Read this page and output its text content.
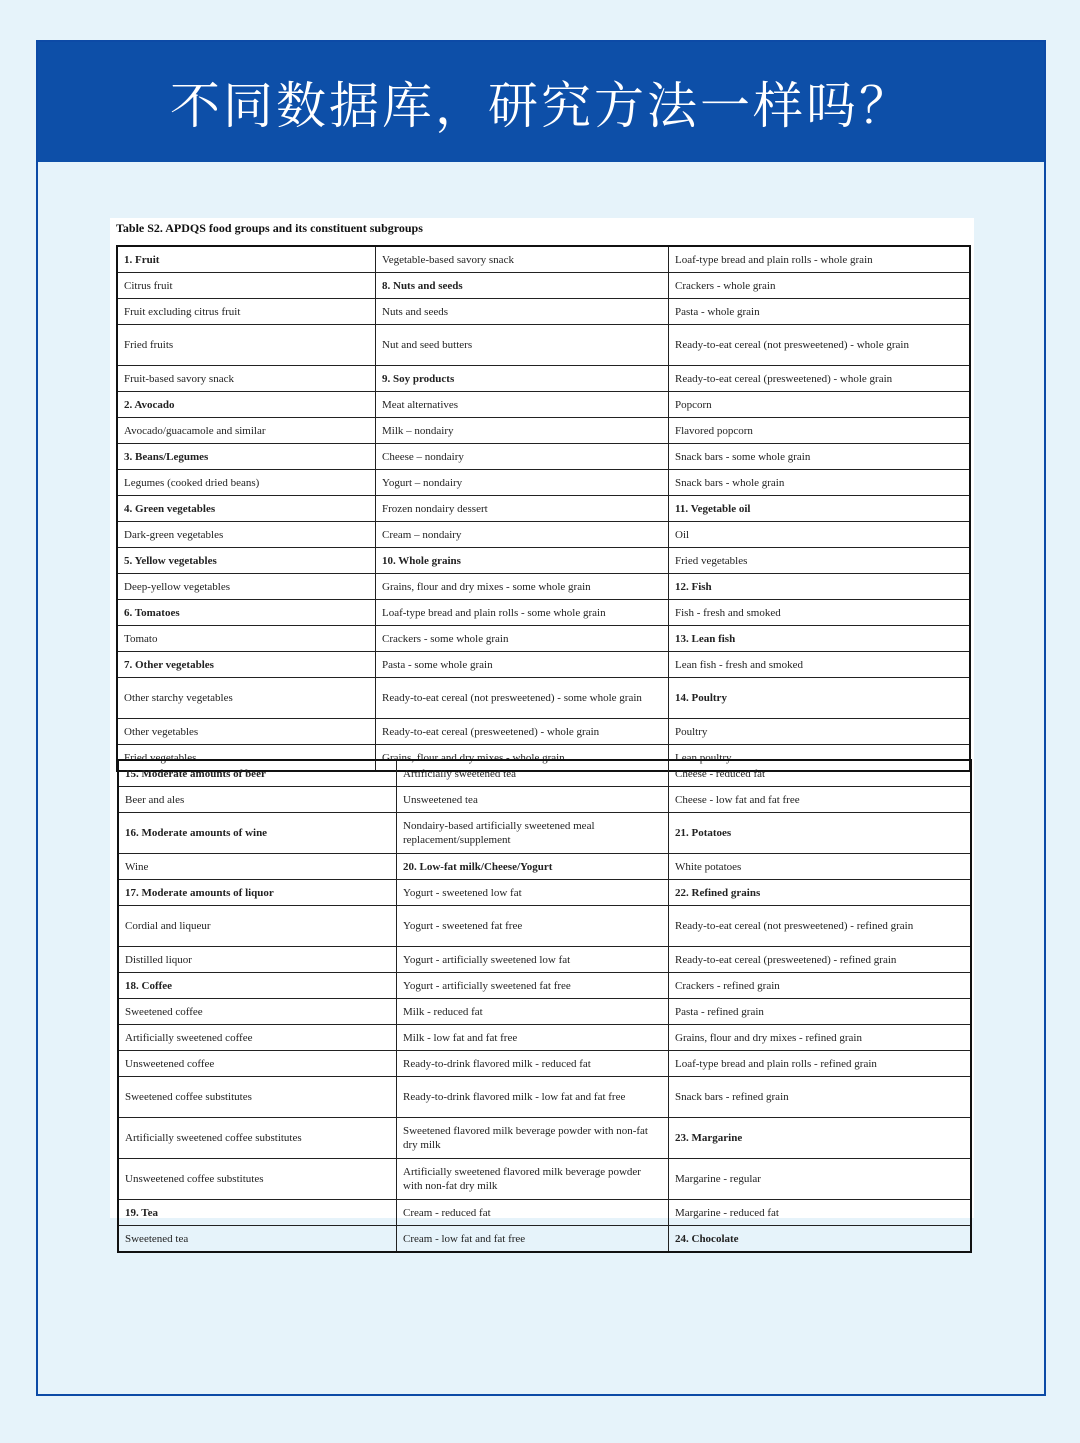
不同数据库，研究方法一样吗？
Table S2. APDQS food groups and its constituent subgroups
1. Fruit	Vegetable-based savory snack	Loaf-type bread and plain rolls - whole grain
Citrus fruit	8. Nuts and seeds	Crackers - whole grain
Fruit excluding citrus fruit	Nuts and seeds	Pasta - whole grain
Fried fruits	Nut and seed butters	Ready-to-eat cereal (not presweetened) - whole grain
Fruit-based savory snack	9. Soy products	Ready-to-eat cereal (presweetened) - whole grain
2. Avocado	Meat alternatives	Popcorn
Avocado/guacamole and similar	Milk – nondairy	Flavored popcorn
3. Beans/Legumes	Cheese – nondairy	Snack bars - some whole grain
Legumes (cooked dried beans)	Yogurt – nondairy	Snack bars - whole grain
4. Green vegetables	Frozen nondairy dessert	11. Vegetable oil
Dark-green vegetables	Cream – nondairy	Oil
5. Yellow vegetables	10. Whole grains	Fried vegetables
Deep-yellow vegetables	Grains, flour and dry mixes - some whole grain	12. Fish
6. Tomatoes	Loaf-type bread and plain rolls - some whole grain	Fish - fresh and smoked
Tomato	Crackers - some whole grain	13. Lean fish
7. Other vegetables	Pasta - some whole grain	Lean fish - fresh and smoked
Other starchy vegetables	Ready-to-eat cereal (not presweetened) - some whole grain	14. Poultry
Other vegetables	Ready-to-eat cereal (presweetened) - whole grain	Poultry
Fried vegetables	Grains, flour and dry mixes - whole grain	Lean poultry
15. Moderate amounts of beer	Artificially sweetened tea	Cheese - reduced fat
Beer and ales	Unsweetened tea	Cheese - low fat and fat free
16. Moderate amounts of wine	Nondairy-based artificially sweetened meal replacement/supplement	21. Potatoes
Wine	20. Low-fat milk/Cheese/Yogurt	White potatoes
17. Moderate amounts of liquor	Yogurt - sweetened low fat	22. Refined grains
Cordial and liqueur	Yogurt - sweetened fat free	Ready-to-eat cereal (not presweetened) - refined grain
Distilled liquor	Yogurt - artificially sweetened low fat	Ready-to-eat cereal (presweetened) - refined grain
18. Coffee	Yogurt - artificially sweetened fat free	Crackers - refined grain
Sweetened coffee	Milk - reduced fat	Pasta - refined grain
Artificially sweetened coffee	Milk - low fat and fat free	Grains, flour and dry mixes - refined grain
Unsweetened coffee	Ready-to-drink flavored milk - reduced fat	Loaf-type bread and plain rolls - refined grain
Sweetened coffee substitutes	Ready-to-drink flavored milk - low fat and fat free	Snack bars - refined grain
Artificially sweetened coffee substitutes	Sweetened flavored milk beverage powder with non-fat dry milk	23. Margarine
Unsweetened coffee substitutes	Artificially sweetened flavored milk beverage powder with non-fat dry milk	Margarine - regular
19. Tea	Cream - reduced fat	Margarine - reduced fat
Sweetened tea	Cream - low fat and fat free	24. Chocolate
